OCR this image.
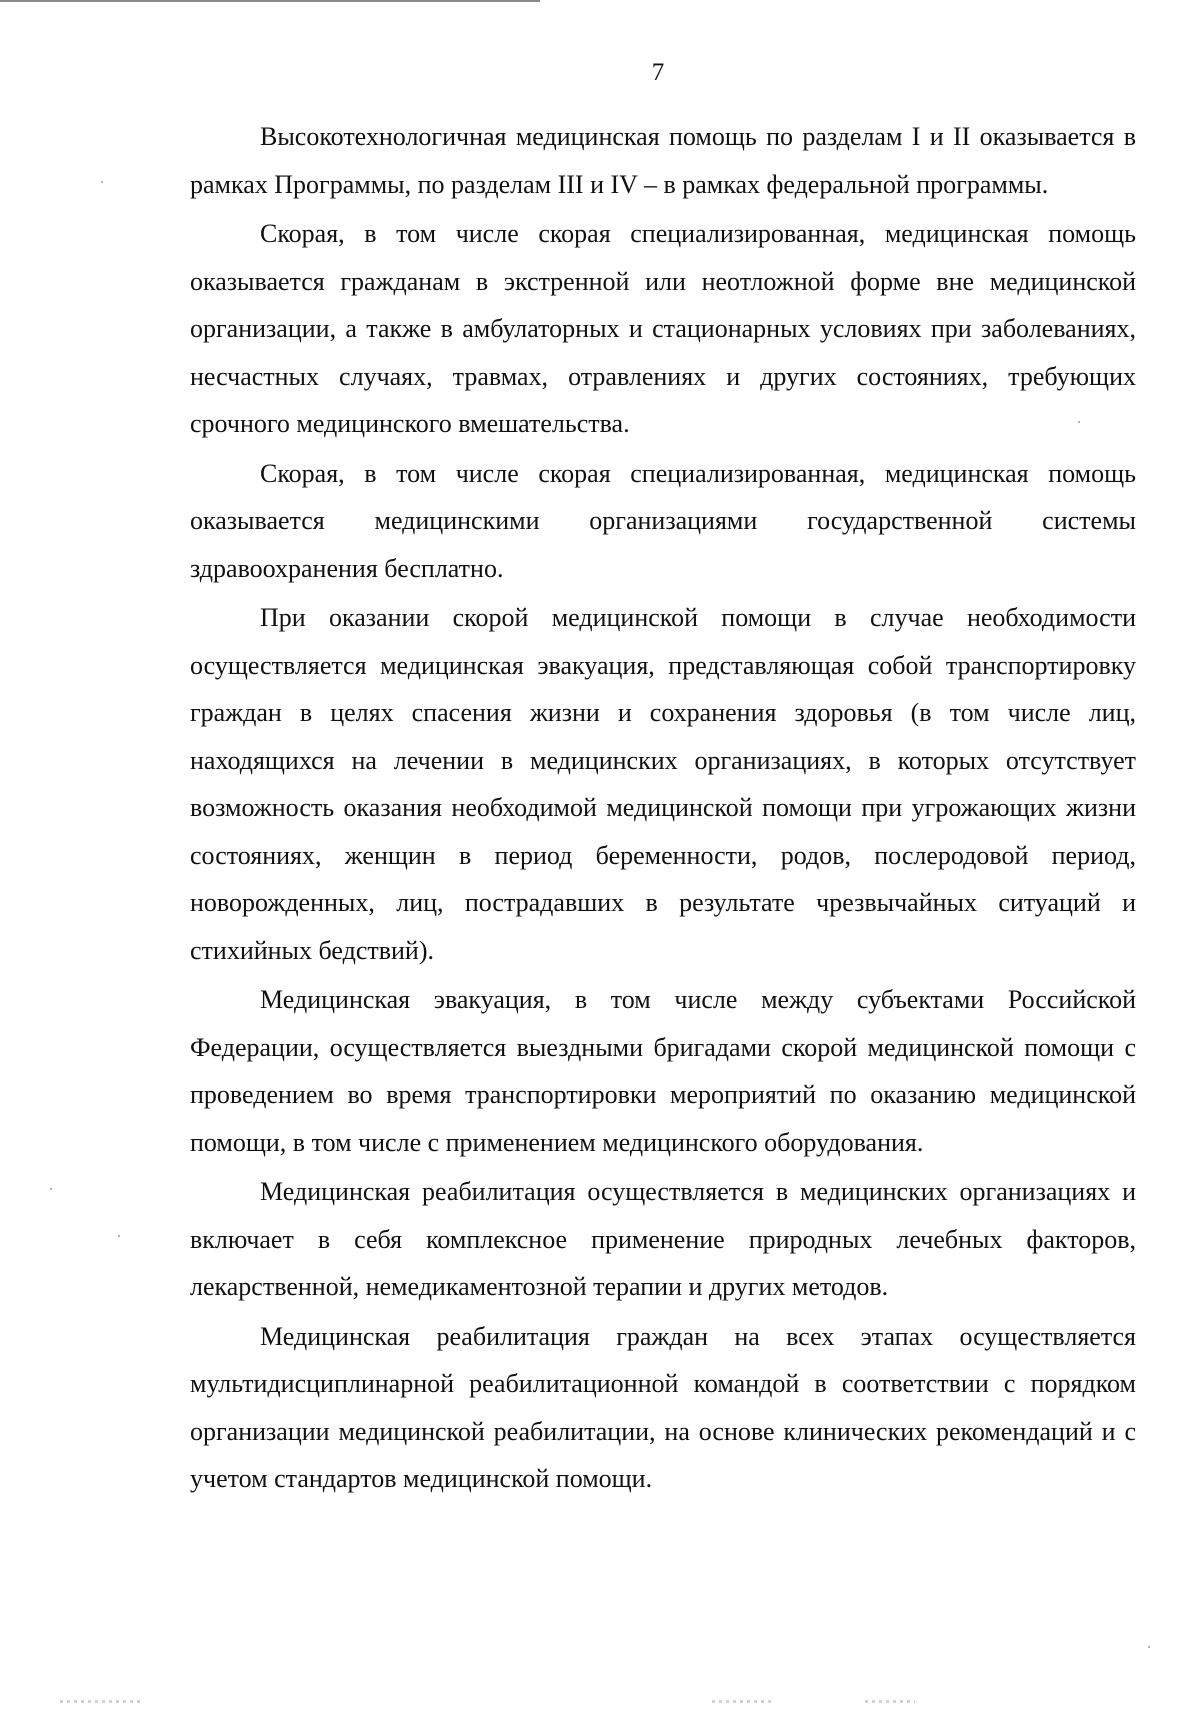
7

Высокотехнологичная медицинская помощь по разделам I и II оказывается в рамках Программы, по разделам III и IV – в рамках федеральной программы.

Скорая, в том числе скорая специализированная, медицинская помощь оказывается гражданам в экстренной или неотложной форме вне медицинской организации, а также в амбулаторных и стационарных условиях при заболеваниях, несчастных случаях, травмах, отравлениях и других состояниях, требующих срочного медицинского вмешательства.

Скорая, в том числе скорая специализированная, медицинская помощь оказывается медицинскими организациями государственной системы здравоохранения бесплатно.

При оказании скорой медицинской помощи в случае необходимости осуществляется медицинская эвакуация, представляющая собой транспортировку граждан в целях спасения жизни и сохранения здоровья (в том числе лиц, находящихся на лечении в медицинских организациях, в которых отсутствует возможность оказания необходимой медицинской помощи при угрожающих жизни состояниях, женщин в период беременности, родов, послеродовой период, новорожденных, лиц, пострадавших в результате чрезвычайных ситуаций и стихийных бедствий).

Медицинская эвакуация, в том числе между субъектами Российской Федерации, осуществляется выездными бригадами скорой медицинской помощи с проведением во время транспортировки мероприятий по оказанию медицинской помощи, в том числе с применением медицинского оборудования.

Медицинская реабилитация осуществляется в медицинских организациях и включает в себя комплексное применение природных лечебных факторов, лекарственной, немедикаментозной терапии и других методов.

Медицинская реабилитация граждан на всех этапах осуществляется мультидисциплинарной реабилитационной командой в соответствии с порядком организации медицинской реабилитации, на основе клинических рекомендаций и с учетом стандартов медицинской помощи.
